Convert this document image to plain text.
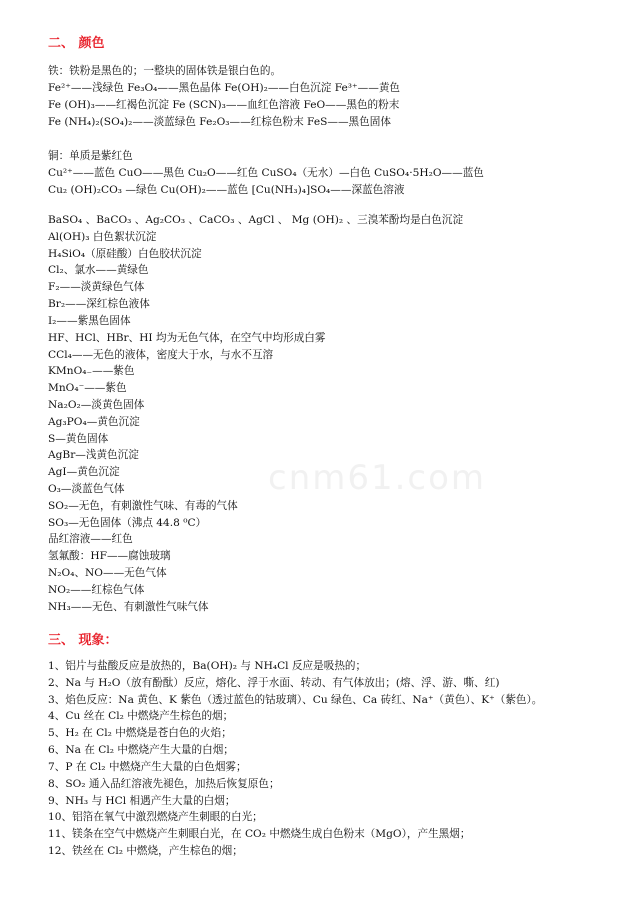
二、 颜色
铁：铁粉是黑色的；一整块的固体铁是银白色的。
Fe²⁺——浅绿色 Fe₃O₄——黑色晶体 Fe(OH)₂——白色沉淀 Fe³⁺——黄色
Fe (OH)₃——红褐色沉淀 Fe (SCN)₃——血红色溶液 FeO——黑色的粉末
Fe (NH₄)₂(SO₄)₂——淡蓝绿色 Fe₂O₃——红棕色粉末 FeS——黑色固体
铜：单质是紫红色
Cu²⁺——蓝色 CuO——黑色 Cu₂O——红色 CuSO₄（无水）—白色 CuSO₄·5H₂O——蓝色
Cu₂ (OH)₂CO₃ —绿色 Cu(OH)₂——蓝色 [Cu(NH₃)₄]SO₄——深蓝色溶液
BaSO₄ 、BaCO₃ 、Ag₂CO₃ 、CaCO₃ 、AgCl 、 Mg (OH)₂ 、三溴苯酚均是白色沉淀
Al(OH)₃ 白色絮状沉淀
H₄SiO₄（原硅酸）白色胶状沉淀
Cl₂、氯水——黄绿色
F₂——淡黄绿色气体
Br₂——深红棕色液体
I₂——紫黑色固体
HF、HCl、HBr、HI 均为无色气体，在空气中均形成白雾
CCl₄——无色的液体，密度大于水，与水不互溶
KMnO₄₋——紫色
MnO₄⁻——紫色
Na₂O₂—淡黄色固体
Ag₃PO₄—黄色沉淀
S—黄色固体
AgBr—浅黄色沉淀
AgI—黄色沉淀
O₃—淡蓝色气体
SO₂—无色，有刺激性气味、有毒的气体
SO₃—无色固体（沸点 44.8 ⁰C）
品红溶液——红色
氢氟酸：HF——腐蚀玻璃
N₂O₄、NO——无色气体
NO₂——红棕色气体
NH₃——无色、有刺激性气味气体
三、 现象：
1、铝片与盐酸反应是放热的，Ba(OH)₂ 与 NH₄Cl 反应是吸热的；
2、Na 与 H₂O（放有酚酞）反应，熔化、浮于水面、转动、有气体放出；(熔、浮、游、嘶、红)
3、焰色反应：Na 黄色、K 紫色（透过蓝色的钴玻璃）、Cu 绿色、Ca 砖红、Na⁺（黄色）、K⁺（紫色）。
4、Cu 丝在 Cl₂ 中燃烧产生棕色的烟；
5、H₂ 在 Cl₂ 中燃烧是苍白色的火焰；
6、Na 在 Cl₂ 中燃烧产生大量的白烟；
7、P 在 Cl₂ 中燃烧产生大量的白色烟雾；
8、SO₂ 通入品红溶液先褪色，加热后恢复原色；
9、NH₃ 与 HCl 相遇产生大量的白烟；
10、铝箔在氧气中激烈燃烧产生刺眼的白光；
11、镁条在空气中燃烧产生刺眼白光，在 CO₂ 中燃烧生成白色粉末（MgO），产生黑烟；
12、铁丝在 Cl₂ 中燃烧，产生棕色的烟；
cnm61.com
